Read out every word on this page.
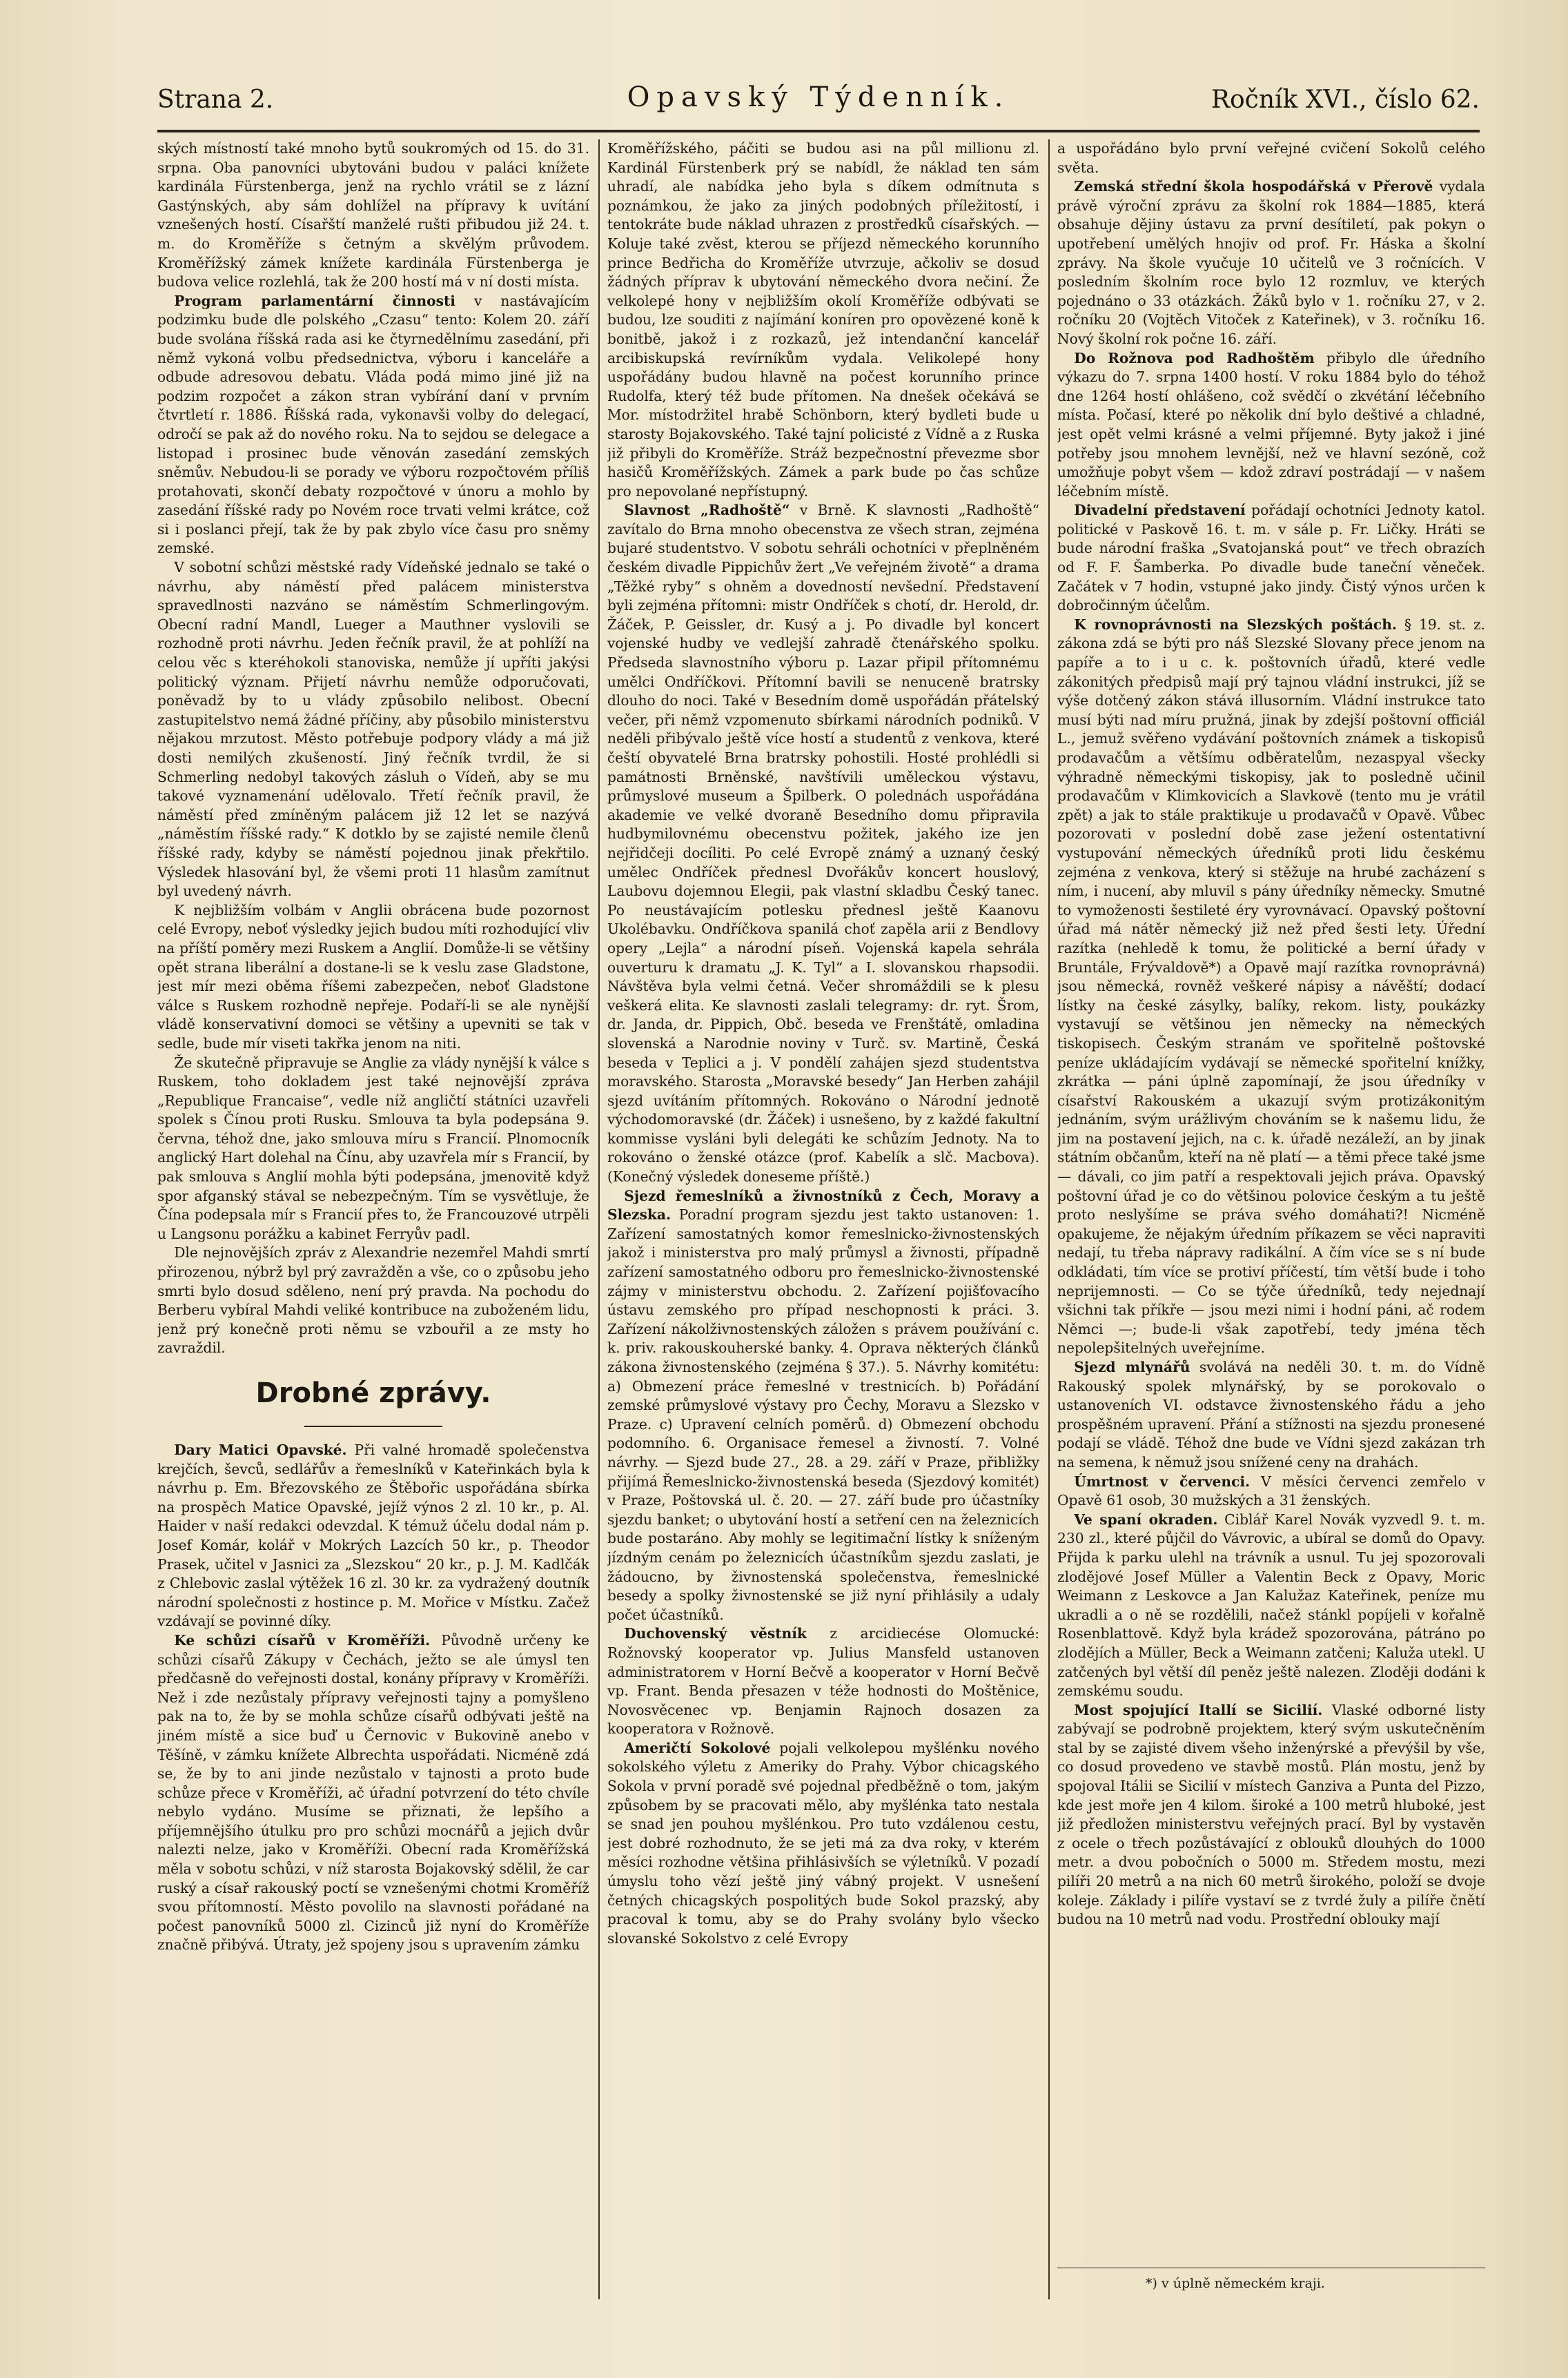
Strana 2.	Opavský Týdenník.	Ročník XVI., číslo 62.

ských místností také mnoho bytů soukromých od 15. do 31. srpna. Oba panovníci ubytováni budou v paláci knížete kardinála Fürstenberga, jenž na rychlo vrátil se z lázní Gastýnských, aby sám dohlížel na přípravy k uvítání vznešených hostí. Císařští manželé rušti přibudou již 24. t. m. do Kroměříže s četným a skvělým průvodem. Kroměřížský zámek knížete kardinála Fürstenberga je budova velice rozlehlá, tak že 200 hostí má v ní dosti místa.

Program parlamentární činnosti v nastávajícím podzimku bude dle polského „Czasu“ tento: Kolem 20. září bude svolána říšská rada asi ke čtyrnedělnímu zasedání, při němž vykoná volbu předsednictva, výboru i kanceláře a odbude adresovou debatu. Vláda podá mimo jiné již na podzim rozpočet a zákon stran vybírání daní v prvním čtvrtletí r. 1886. Říšská rada, vykonavši volby do delegací, odročí se pak až do nového roku. Na to sejdou se delegace a listopad i prosinec bude věnován zasedání zemských sněmův. Nebudou-li se porady ve výboru rozpočtovém příliš protahovati, skončí debaty rozpočtové v únoru a mohlo by zasedání říšské rady po Novém roce trvati velmi krátce, což si i poslanci přejí, tak že by pak zbylo více času pro sněmy zemské.

V sobotní schůzi městské rady Vídeňské jednalo se také o návrhu, aby náměstí před palácem ministerstva spravedlnosti nazváno se náměstím Schmerlingovým. Obecní radní Mandl, Lueger a Mauthner vyslovili se rozhodně proti návrhu. Jeden řečník pravil, že at pohlíží na celou věc s kteréhokoli stanoviska, nemůže jí upříti jakýsi politický význam. Přijetí návrhu nemůže odporučovati, poněvadž by to u vlády způsobilo nelibost. Obecní zastupitelstvo nemá žádné příčiny, aby působilo ministerstvu nějakou mrzutost. Město potřebuje podpory vlády a má již dosti nemilých zkušeností. Jiný řečník tvrdil, že si Schmerling nedobyl takových zásluh o Vídeň, aby se mu takové vyznamenání udělovalo. Třetí řečník pravil, že náměstí před zmíněným palácem již 12 let se nazývá „náměstím říšské rady.“ K dotklo by se zajisté nemile členů říšské rady, kdyby se náměstí pojednou jinak překřtilo. Výsledek hlasování byl, že všemi proti 11 hlasům zamítnut byl uvedený návrh.

K nejbližším volbám v Anglii obrácena bude pozornost celé Evropy, neboť výsledky jejich budou míti rozhodující vliv na příští poměry mezi Ruskem a Anglií. Domůže-li se většiny opět strana liberální a dostane-li se k veslu zase Gladstone, jest mír mezi oběma říšemi zabezpečen, neboť Gladstone válce s Ruskem rozhodně nepřeje. Podaří-li se ale nynější vládě konservativní domoci se většiny a upevniti se tak v sedle, bude mír viseti takřka jenom na niti.

Že skutečně připravuje se Anglie za vlády nynější k válce s Ruskem, toho dokladem jest také nejnovější zpráva „Republique Francaise“, vedle níž angličtí státníci uzavřeli spolek s Čínou proti Rusku. Smlouva ta byla podepsána 9. června, téhož dne, jako smlouva míru s Francií. Plnomocník anglický Hart dolehal na Čínu, aby uzavřela mír s Francií, by pak smlouva s Anglií mohla býti podepsána, jmenovitě když spor afganský stával se nebezpečným. Tím se vysvětluje, že Čína podepsala mír s Francií přes to, že Francouzové utrpěli u Langsonu porážku a kabinet Ferryův padl.

Dle nejnovějších zpráv z Alexandrie nezemřel Mahdi smrtí přirozenou, nýbrž byl prý zavražděn a vše, co o způsobu jeho smrti bylo dosud sděleno, není prý pravda. Na pochodu do Berberu vybíral Mahdi veliké kontribuce na zuboženém lidu, jenž prý konečně proti němu se vzbouřil a ze msty ho zavraždil.

Drobné zprávy.

Dary Matici Opavské. Při valné hromadě společenstva krejčích, ševců, sedlářův a řemeslníků v Kateřinkách byla k návrhu p. Em. Březovského ze Štěbořic uspořádána sbírka na prospěch Matice Opavské, jejíž výnos 2 zl. 10 kr., p. Al. Haider v naší redakci odevzdal. K témuž účelu dodal nám p. Josef Komár, kolář v Mokrých Lazcích 50 kr., p. Theodor Prasek, učitel v Jasnici za „Slezskou“ 20 kr., p. J. M. Kadlčák z Chlebovic zaslal výtěžek 16 zl. 30 kr. za vydražený doutník národní společnosti z hostince p. M. Mořice v Místku. Začež vzdávají se povinné díky.

Ke schůzi císařů v Kroměříži. Původně určeny ke schůzi císařů Zákupy v Čechách, ježto se ale úmysl ten předčasně do veřejnosti dostal, konány přípravy v Kroměříži. Než i zde nezůstaly přípravy veřejnosti tajny a pomyšleno pak na to, že by se mohla schůze císařů odbývati ještě na jiném místě a sice buď u Černovic v Bukovině anebo v Těšíně, v zámku knížete Albrechta uspořádati. Nicméně zdá se, že by to ani jinde nezůstalo v tajnosti a proto bude schůze přece v Kroměříži, ač úřadní potvrzení do této chvíle nebylo vydáno. Musíme se přiznati, že lepšího a příjemnějšího útulku pro pro schůzi mocnářů a jejich dvůr nalezti nelze, jako v Kroměříži. Obecní rada Kroměřížská měla v sobotu schůzi, v níž starosta Bojakovský sdělil, že car ruský a císař rakouský poctí se vznešenými chotmi Kroměříž svou přítomností. Město povolilo na slavnosti pořádané na počest panovníků 5000 zl. Cizinců již nyní do Kroměříže značně přibývá. Útraty, jež spojeny jsou s upravením zámku

Kroměřížského, páčiti se budou asi na půl millionu zl. Kardinál Fürstenberk prý se nabídl, že náklad ten sám uhradí, ale nabídka jeho byla s díkem odmítnuta s poznámkou, že jako za jiných podobných příležitostí, i tentokráte bude náklad uhrazen z prostředků císařských. — Koluje také zvěst, kterou se příjezd německého korunního prince Bedřicha do Kroměříže utvrzuje, ačkoliv se dosud žádných příprav k ubytování německého dvora nečiní. Že velkolepé hony v nejbližším okolí Kroměříže odbývati se budou, lze souditi z najímání koníren pro opovězené koně k bonitbě, jakož i z rozkazů, jež intendanční kancelář arcibiskupská revírníkům vydala. Velikolepé hony uspořádány budou hlavně na počest korunního prince Rudolfa, který též bude přítomen. Na dnešek očekává se Mor. místodržitel hrabě Schönborn, který bydleti bude u starosty Bojakovského. Také tajní policisté z Vídně a z Ruska již přibyli do Kroměříže. Stráž bezpečnostní převezme sbor hasičů Kroměřížských. Zámek a park bude po čas schůze pro nepovolané nepřístupný.

Slavnost „Radhoště“ v Brně. K slavnosti „Radhoště“ zavítalo do Brna mnoho obecenstva ze všech stran, zejména bujaré studentstvo. V sobotu sehráli ochotníci v přeplněném českém divadle Pippichův žert „Ve veřejném životě“ a drama „Těžké ryby“ s ohněm a dovedností nevšední. Představení byli zejména přítomni: mistr Ondříček s chotí, dr. Herold, dr. Žáček, P. Geissler, dr. Kusý a j. Po divadle byl koncert vojenské hudby ve vedlejší zahradě čtenářského spolku. Předseda slavnostního výboru p. Lazar připil přítomnému umělci Ondříčkovi. Přítomní bavili se nenuceně bratrsky dlouho do noci. Také v Besedním domě uspořádán přátelský večer, při němž vzpomenuto sbírkami národních podniků. V neděli přibývalo ještě více hostí a studentů z venkova, které čeští obyvatelé Brna bratrsky pohostili. Hosté prohlédli si památnosti Brněnské, navštívili uměleckou výstavu, průmyslové museum a Špilberk. O polednách uspořádána akademie ve velké dvoraně Besedního domu připravila hudbymilovnému obecenstvu požitek, jakého ize jen nejřidčeji docíliti. Po celé Evropě známý a uznaný český umělec Ondříček přednesl Dvořákův koncert houslový, Laubovu dojemnou Elegii, pak vlastní skladbu Český tanec. Po neustávajícím potlesku přednesl ještě Kaanovu Ukolébavku. Ondříčkova spanilá choť zapěla arii z Bendlovy opery „Lejla“ a národní píseň. Vojenská kapela sehrála ouverturu k dramatu „J. K. Tyl“ a I. slovanskou rhapsodii. Návštěva byla velmi četná. Večer shromáždili se k plesu veškerá elita. Ke slavnosti zaslali telegramy: dr. ryt. Šrom, dr. Janda, dr. Pippich, Obč. beseda ve Frenštátě, omladina slovenská a Narodnie noviny v Turč. sv. Martině, Česká beseda v Teplici a j. V pondělí zahájen sjezd studentstva moravského. Starosta „Moravské besedy“ Jan Herben zahájil sjezd uvítáním přítomných. Rokováno o Národní jednotě východomoravské (dr. Žáček) i usnešeno, by z každé fakultní kommisse vysláni byli delegáti ke schůzím Jednoty. Na to rokováno o ženské otázce (prof. Kabelík a slč. Macbova). (Konečný výsledek doneseme příště.)

Sjezd řemeslníků a živnostníků z Čech, Moravy a Slezska. Poradní program sjezdu jest takto ustanoven: 1. Zařízení samostatných komor řemeslnicko-živnostenských jakož i ministerstva pro malý průmysl a živnosti, případně zařízení samostatného odboru pro řemeslnicko-živnostenské zájmy v ministerstvu obchodu. 2. Zařízení pojišťovacího ústavu zemského pro případ neschopnosti k práci. 3. Zařízení nákolživnostenských záložen s právem používání c. k. priv. rakouskouherské banky. 4. Oprava některých článků zákona živnostenského (zejména § 37.). 5. Návrhy komitétu: a) Obmezení práce řemeslné v trestnicích. b) Pořádání zemské průmyslové výstavy pro Čechy, Moravu a Slezsko v Praze. c) Upravení celních poměrů. d) Obmezení obchodu podomního. 6. Organisace řemesel a živností. 7. Volné návrhy. — Sjezd bude 27., 28. a 29. září v Praze, přibližky přijímá Řemeslnicko-živnostenská beseda (Sjezdový komitét) v Praze, Poštovská ul. č. 20. — 27. září bude pro účastníky sjezdu banket; o ubytování hostí a setření cen na železnicích bude postaráno. Aby mohly se legitimační lístky k sníženým jízdným cenám po železnicích účastníkům sjezdu zaslati, je žádoucno, by živnostenská společenstva, řemeslnické besedy a spolky živnostenské se již nyní přihlásily a udaly počet účastníků.

Duchovenský věstník z arcidiecése Olomucké: Rožnovský kooperator vp. Julius Mansfeld ustanoven administratorem v Horní Bečvě a kooperator v Horní Bečvě vp. Frant. Benda přesazen v téže hodnosti do Moštěnice, Novosvěcenec vp. Benjamin Rajnoch dosazen za kooperatora v Rožnově.

Američtí Sokolové pojali velkolepou myšlénku nového sokolského výletu z Ameriky do Prahy. Výbor chicagského Sokola v první poradě své pojednal předběžně o tom, jakým způsobem by se pracovati mělo, aby myšlénka tato nestala se snad jen pouhou myšlénkou. Pro tuto vzdálenou cestu, jest dobré rozhodnuto, že se jeti má za dva roky, v kterém měsíci rozhodne většina přihlásivších se výletníků. V pozadí úmyslu toho vězí ještě jiný vábný projekt. V usnešení četných chicagských pospolitých bude Sokol prazský, aby pracoval k tomu, aby se do Prahy svolány bylo všecko slovanské Sokolstvo z celé Evropy

a uspořádáno bylo první veřejné cvičení Sokolů celého světa.

Zemská střední škola hospodářská v Přerově vydala právě výroční zprávu za školní rok 1884—1885, která obsahuje dějiny ústavu za první desítiletí, pak pokyn o upotřebení umělých hnojiv od prof. Fr. Háska a školní zprávy. Na škole vyučuje 10 učitelů ve 3 ročnících. V posledním školním roce bylo 12 rozmluv, ve kterých pojednáno o 33 otázkách. Žáků bylo v 1. ročníku 27, v 2. ročníku 20 (Vojtěch Vitoček z Kateřinek), v 3. ročníku 16. Nový školní rok počne 16. září.

Do Rožnova pod Radhoštěm přibylo dle úředního výkazu do 7. srpna 1400 hostí. V roku 1884 bylo do téhož dne 1264 hostí ohlášeno, což svědčí o zkvétání léčebního místa. Počasí, které po několik dní bylo deštivé a chladné, jest opět velmi krásné a velmi příjemné. Byty jakož i jiné potřeby jsou mnohem levnější, než ve hlavní sezóně, což umožňuje pobyt všem — kdož zdraví postrádají — v našem léčebním místě.

Divadelní představení pořádají ochotníci Jednoty katol. politické v Paskově 16. t. m. v sále p. Fr. Ličky. Hráti se bude národní fraška „Svatojanská pout“ ve třech obrazích od F. F. Šamberka. Po divadle bude taneční věneček. Začátek v 7 hodin, vstupné jako jindy. Čistý výnos určen k dobročinným účelům.

K rovnoprávnosti na Slezských poštách. § 19. st. z. zákona zdá se býti pro náš Slezské Slovany přece jenom na papíře a to i u c. k. poštovních úřadů, které vedle zákonitých předpisů mají prý tajnou vládní instrukci, jíž se výše dotčený zákon stává illusorním. Vládní instrukce tato musí býti nad míru pružná, jinak by zdejší poštovní officiál L., jemuž svěřeno vydávání poštovních známek a tiskopisů prodavačům a většímu odběratelům, nezaspyal všecky výhradně německými tiskopisy, jak to posledně učinil prodavačům v Klimkovicích a Slavkově (tento mu je vrátil zpět) a jak to stále praktikuje u prodavačů v Opavě. Vůbec pozorovati v poslední době zase ježení ostentativní vystupování německých úředníků proti lidu českému zejména z venkova, který si stěžuje na hrubé zacházení s ním, i nucení, aby mluvil s pány úředníky německy. Smutné to vymoženosti šestileté éry vyrovnávací. Opavský poštovní úřad má nátěr německý již než před šesti lety. Úřední razítka (nehledě k tomu, že politické a berní úřady v Bruntále, Frývaldově*) a Opavě mají razítka rovnoprávná) jsou německá, rovněž veškeré nápisy a návěští; dodací lístky na české zásylky, balíky, rekom. listy, poukázky vystavují se většinou jen německy na německých tiskopisech. Českým stranám ve spořitelně poštovské peníze ukládajícím vydávají se německé spořitelní knížky, zkrátka — páni úplně zapomínají, že jsou úředníky v císařství Rakouském a ukazují svým protizákonitým jednáním, svým urážlivým chováním se k našemu lidu, že jim na postavení jejich, na c. k. úřadě nezáleží, an by jinak státním občanům, kteří na ně platí — a těmi přece také jsme — dávali, co jim patří a respektovali jejich práva. Opavský poštovní úřad je co do většinou polovice českým a tu ještě proto neslyšíme se práva svého domáhati?! Nicméně opakujeme, že nějakým úředním příkazem se věci napraviti nedají, tu třeba nápravy radikální. A čím více se s ní bude odkládati, tím více se protiví příčestí, tím větší bude i toho neprijemnosti. — Co se týče úředníků, tedy nejednají všichni tak příkře — jsou mezi nimi i hodní páni, ač rodem Němci —; bude-li však zapotřebí, tedy jména těch nepolepšitelných uveřejníme.

Sjezd mlynářů svolává na neděli 30. t. m. do Vídně Rakouský spolek mlynářský, by se porokovalo o ustanoveních VI. odstavce živnostenského řádu a jeho prospěšném upravení. Přání a stížnosti na sjezdu pronesené podají se vládě. Téhož dne bude ve Vídni sjezd zakázan trh na semena, k němuž jsou snížené ceny na drahách.

Úmrtnost v červenci. V měsíci červenci zemřelo v Opavě 61 osob, 30 mužských a 31 ženských.

Ve spaní okraden. Ciblář Karel Novák vyzvedl 9. t. m. 230 zl., které půjčil do Vávrovic, a ubíral se domů do Opavy. Přijda k parku ulehl na trávník a usnul. Tu jej spozorovali zlodějové Josef Müller a Valentin Beck z Opavy, Moric Weimann z Leskovce a Jan Kalužaz Kateřinek, peníze mu ukradli a o ně se rozdělili, načež stánkl popíjeli v kořalně Rosenblattově. Když byla krádež spozorována, pátráno po zlodějích a Müller, Beck a Weimann zatčeni; Kaluža utekl. U zatčených byl větší díl peněz ještě nalezen. Zloději dodáni k zemskému soudu.

Most spojující Itallí se Sicilií. Vlaské odborné listy zabývají se podrobně projektem, který svým uskutečněním stal by se zajisté divem všeho inženýrské a převýšil by vše, co dosud provedeno ve stavbě mostů. Plán mostu, jenž by spojoval Itálii se Sicilií v místech Ganziva a Punta del Pizzo, kde jest moře jen 4 kilom. široké a 100 metrů hluboké, jest již předložen ministerstvu veřejných prací. Byl by vystavěn z ocele o třech pozůstávající z oblouků dlouhých do 1000 metr. a dvou pobočních o 5000 m. Středem mostu, mezi pilíři 20 metrů a na nich 60 metrů širokého, položí se dvoje koleje. Základy i pilíře vystaví se z tvrdé žuly a pilíře čnětí budou na 10 metrů nad vodu. Prostřední oblouky mají

*) v úplně německém kraji.
